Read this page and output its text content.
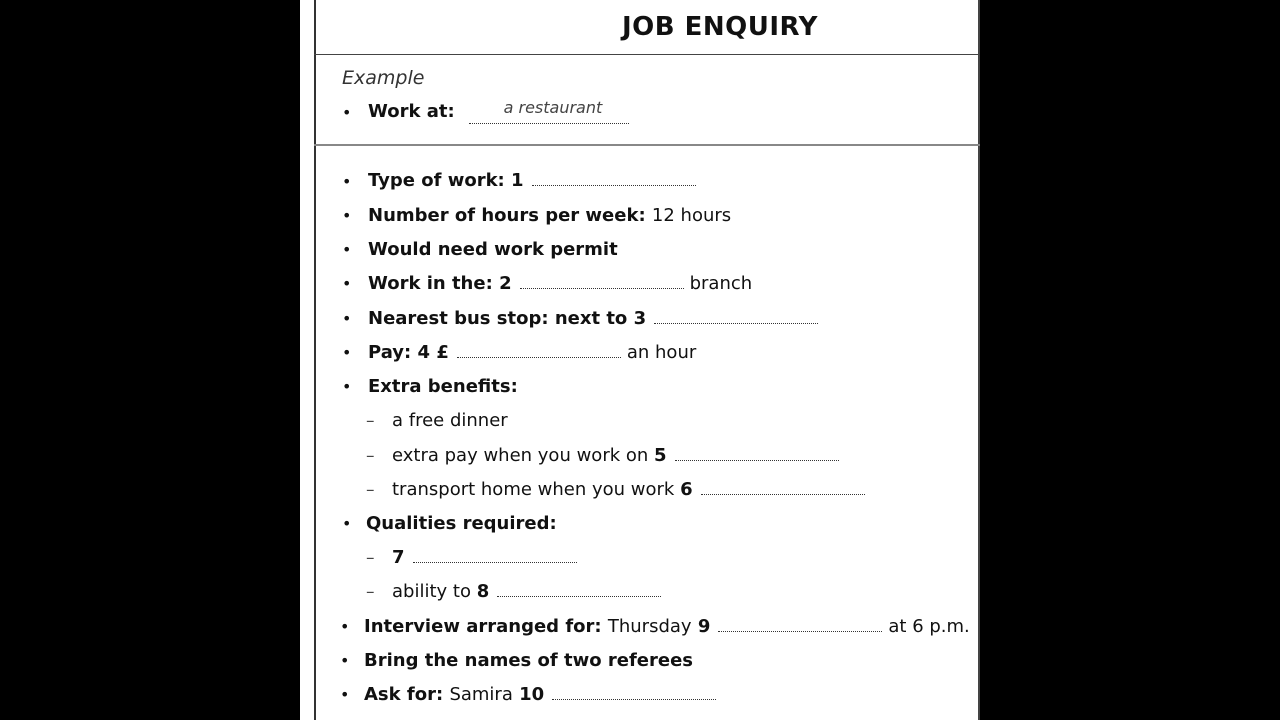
JOB ENQUIRY
Example
• Work at:	a restaurant
• Type of work: 1
• Number of hours per week: 12 hours
• Would need work permit
• Work in the: 2	branch
• Nearest bus stop: next to 3
• Pay: 4 £	an hour
• Extra benefits:
– a free dinner
– extra pay when you work on 5
– transport home when you work 6
• Qualities required:
– 7
– ability to 8
• Interview arranged for: Thursday 9	at 6 p.m.
• Bring the names of two referees
• Ask for: Samira 10
